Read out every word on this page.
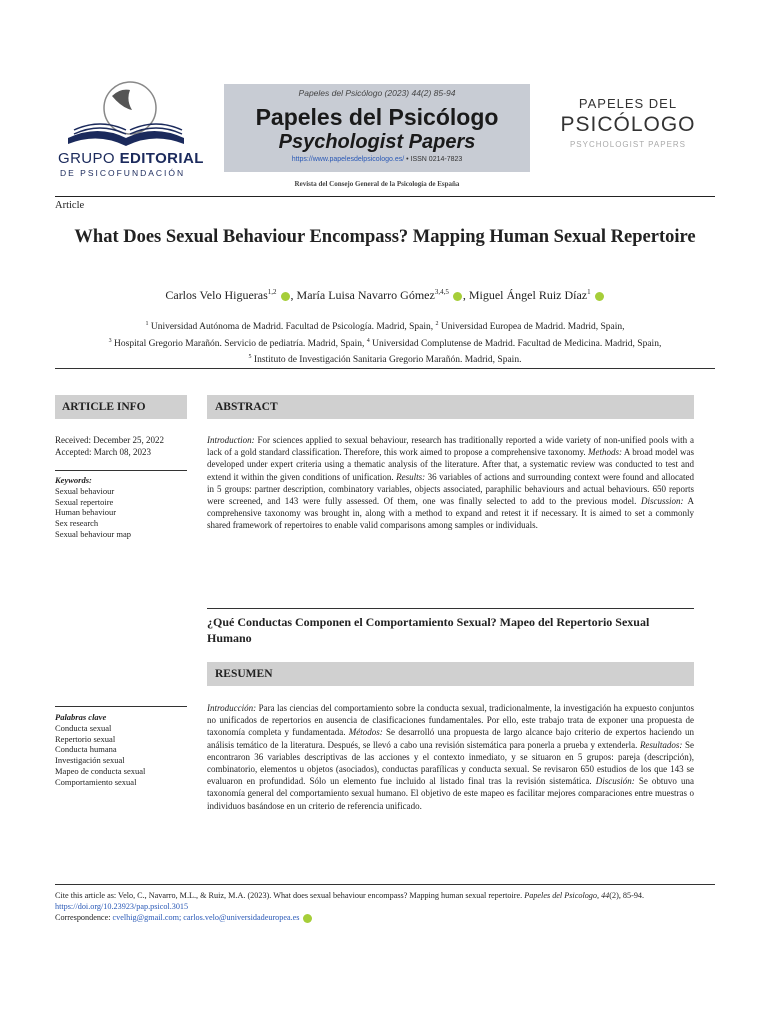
GRUPO EDITORIAL
DE PSICOFUNDACIÓN
Papeles del Psicólogo (2023) 44(2) 85-94
Papeles del Psicólogo
Psychologist Papers
https://www.papelesdelpsicologo.es/ • ISSN 0214-7823
Revista del Consejo General de la Psicología de España
PAPELES DEL
PSICÓLOGO
PSYCHOLOGIST PAPERS
Article
What Does Sexual Behaviour Encompass? Mapping Human Sexual Repertoire
Carlos Velo Higueras$^{1,2}$ , María Luisa Navarro Gómez$^{3,4,5}$ , Miguel Ángel Ruiz Díaz$^1$
$^1$ Universidad Autónoma de Madrid. Facultad de Psicología. Madrid, Spain, $^2$ Universidad Europea de Madrid. Madrid, Spain,
$^3$ Hospital Gregorio Marañón. Servicio de pediatría. Madrid, Spain, $^4$ Universidad Complutense de Madrid. Facultad de Medicina. Madrid, Spain,
$^5$ Instituto de Investigación Sanitaria Gregorio Marañón. Madrid, Spain.
ARTICLE INFO
Received: December 25, 2022
Accepted: March 08, 2023
Keywords:
Sexual behaviour
Sexual repertoire
Human behaviour
Sex research
Sexual behaviour map
ABSTRACT
Introduction: For sciences applied to sexual behaviour, research has traditionally reported a wide variety of non-unified pools with a lack of a gold standard classification. Therefore, this work aimed to propose a comprehensive taxonomy. Methods: A broad model was developed under expert criteria using a thematic analysis of the literature. After that, a systematic review was conducted to test and extend it within the given conditions of unification. Results: 36 variables of actions and surrounding context were found and allocated in 5 groups: partner description, combinatory variables, objects associated, paraphilic behaviours and actual behaviours. 650 reports were screened, and 143 were fully assessed. Of them, one was finally selected to add to the previous model. Discussion: A comprehensive taxonomy was brought in, along with a method to expand and retest it if necessary. It is aimed to set a commonly shared framework of repertoires to enable valid comparisons among samples or individuals.
¿Qué Conductas Componen el Comportamiento Sexual? Mapeo del Repertorio Sexual Humano
RESUMEN
Palabras clave
Conducta sexual
Repertorio sexual
Conducta humana
Investigación sexual
Mapeo de conducta sexual
Comportamiento sexual
Introducción: Para las ciencias del comportamiento sobre la conducta sexual, tradicionalmente, la investigación ha expuesto conjuntos no unificados de repertorios en ausencia de clasificaciones fundamentales. Por ello, este trabajo trata de exponer una propuesta de taxonomía completa y fundamentada. Métodos: Se desarrolló una propuesta de largo alcance bajo criterio de expertos haciendo un análisis temático de la literatura. Después, se llevó a cabo una revisión sistemática para ponerla a prueba y extenderla. Resultados: Se encontraron 36 variables descriptivas de las acciones y el contexto inmediato, y se situaron en 5 grupos: pareja (descripción), combinatorio, elementos u objetos (asociados), conductas parafílicas y conducta sexual. Se revisaron 650 estudios de los que 143 se evaluaron en profundidad. Sólo un elemento fue incluido al listado final tras la revisión sistemática. Discusión: Se obtuvo una taxonomía general del comportamiento sexual humano. El objetivo de este mapeo es facilitar mejores comparaciones entre muestras o individuos basándose en un criterio de referencia unificado.
Cite this article as: Velo, C., Navarro, M.L., & Ruiz, M.A. (2023). What does sexual behaviour encompass? Mapping human sexual repertoire. Papeles del Psicologo, 44(2), 85-94.
https://doi.org/10.23923/pap.psicol.3015
Correspondence: cvelhig@gmail.com; carlos.velo@universidadeuropea.es
